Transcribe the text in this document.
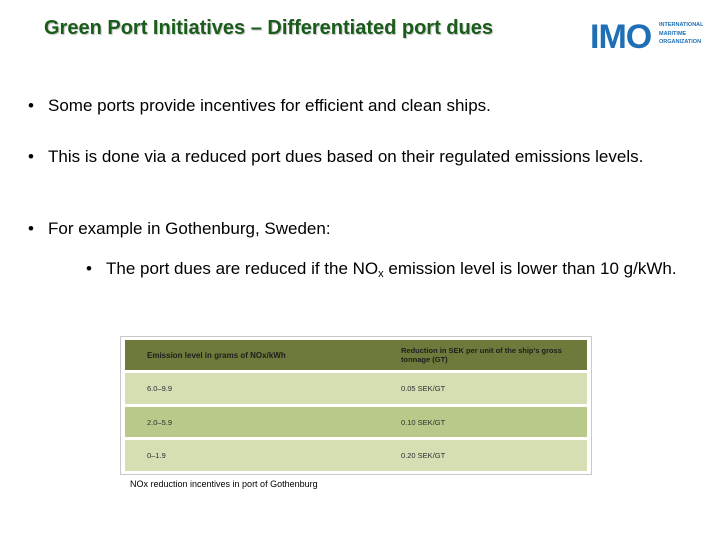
Green Port Initiatives – Differentiated port dues	IMO INTERNATIONAL
MARITIME
ORGANIZATION
• Some ports provide incentives for efficient and clean ships.
• This is done via a reduced port dues based on their regulated emissions levels.
• For example in Gothenburg, Sweden:
• The port dues are reduced if the $NO_x$ emission level is lower than 10 g/kWh.
Emission level in grams of NOx/kWh	Reduction in SEK per unit of the ship's gross tonnage (GT)
6.0–9.9	0.05 SEK/GT
2.0–5.9	0.10 SEK/GT
0–1.9	0.20 SEK/GT
NOx reduction incentives in port of Gothenburg
